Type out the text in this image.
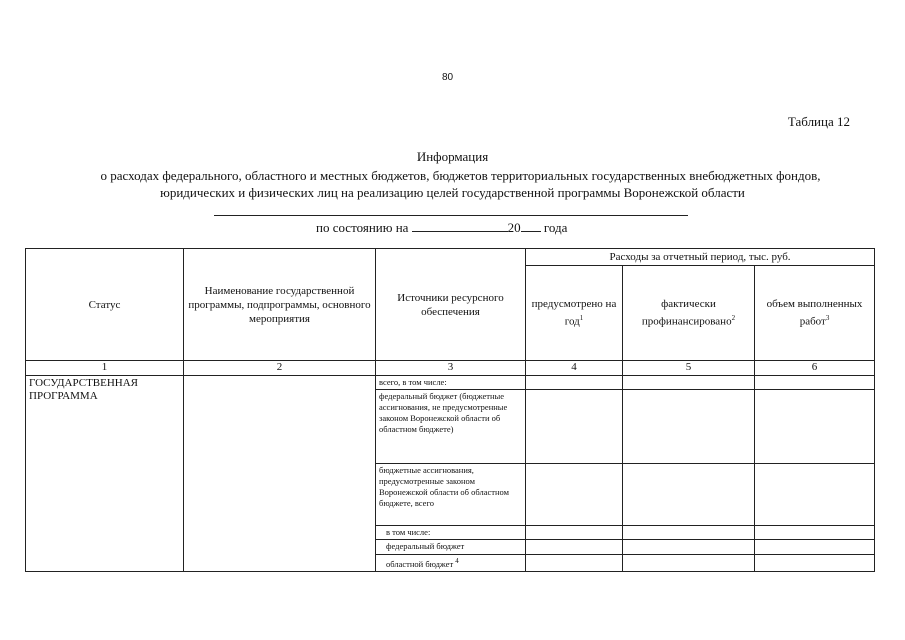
80
Таблица 12
Информация
о расходах федерального, областного и местных бюджетов, бюджетов территориальных государственных внебюджетных фондов,
юридических и физических лиц на реализацию целей государственной программы Воронежской области
по состоянию на	20 года
Статус	Наименование государственной программы, подпрограммы, основного мероприятия	Источники ресурсного обеспечения	Расходы за отчетный период, тыс. руб.		
			предусмотрено на год$^1$	фактически профинансировано$^2$	объем выполненных работ$^3$
1	2	3	4	5	6
ГОСУДАРСТВЕННАЯ ПРОГРАММА		всего, в том числе:			
		федеральный бюджет (бюджетные ассигнования, не предусмотренные законом Воронежской области об областном бюджете)			
		бюджетные ассигнования, предусмотренные законом Воронежской области об областном бюджете, всего			
		в том числе:			
		федеральный бюджет			
		областной бюджет $^4$			
